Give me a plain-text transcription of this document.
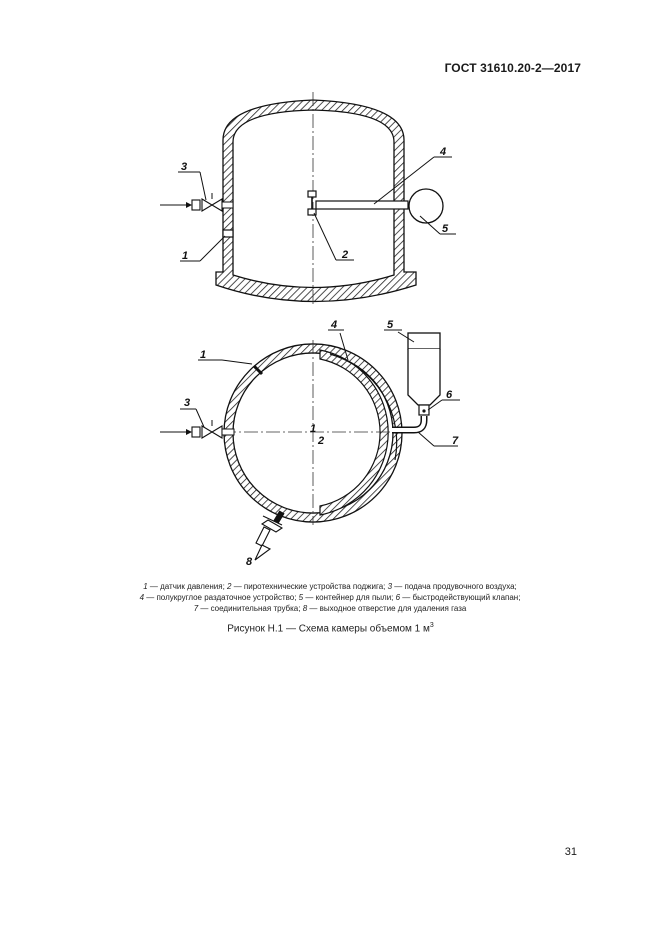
ГОСТ 31610.20-2—2017
3
1	2
4
5
1
3
4	5
6
7
8
1
2
1 — датчик давления; 2 — пиротехнические устройства поджига; 3 — подача продувочного воздуха;
4 — полукруглое раздаточное устройство; 5 — контейнер для пыли; 6 — быстродействующий клапан;
7 — соединительная трубка; 8 — выходное отверстие для удаления газа
Рисунок Н.1 — Схема камеры объемом 1 $м^3$
31
